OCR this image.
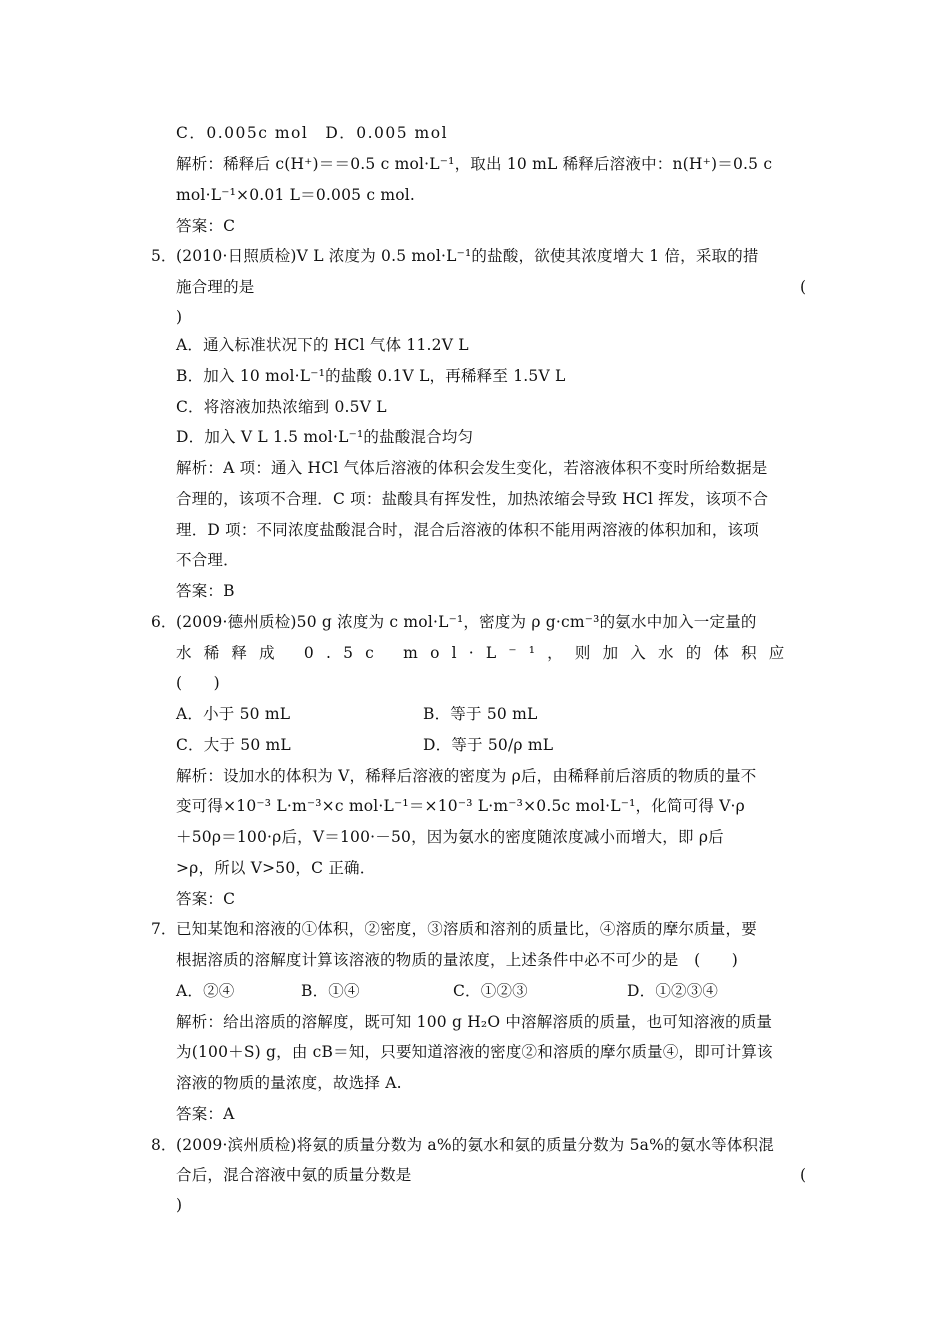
C．0.005c mol　D．0.005 mol
解析：稀释后 c(H⁺)＝＝0.5 c mol·L⁻¹，取出 10 mL 稀释后溶液中：n(H⁺)＝0.5 c
mol·L⁻¹×0.01 L＝0.005 c mol.
答案：C
5． (2010·日照质检)V L 浓度为 0.5 mol·L⁻¹的盐酸，欲使其浓度增大 1 倍，采取的措
施合理的是	(
)
A．通入标准状况下的 HCl 气体 11.2V L
B．加入 10 mol·L⁻¹的盐酸 0.1V L，再稀释至 1.5V L
C．将溶液加热浓缩到 0.5V L
D．加入 V L 1.5 mol·L⁻¹的盐酸混合均匀
解析：A 项：通入 HCl 气体后溶液的体积会发生变化，若溶液体积不变时所给数据是
合理的，该项不合理．C 项：盐酸具有挥发性，加热浓缩会导致 HCl 挥发，该项不合
理．D 项：不同浓度盐酸混合时，混合后溶液的体积不能用两溶液的体积加和，该项
不合理．
答案：B
6． (2009·德州质检)50 g 浓度为 c mol·L⁻¹，密度为 ρ g·cm⁻³的氨水中加入一定量的
水稀释成 0.5c mol·L⁻¹，则加入水的体积应
(　　)
A．小于 50 mL	B．等于 50 mL
C．大于 50 mL	D．等于 50/ρ mL
解析：设加水的体积为 V，稀释后溶液的密度为 ρ后，由稀释前后溶质的物质的量不
变可得×10⁻³ L·m⁻³×c mol·L⁻¹＝×10⁻³ L·m⁻³×0.5c mol·L⁻¹，化简可得 V·ρ
＋50ρ＝100·ρ后，V＝100·－50，因为氨水的密度随浓度减小而增大，即 ρ后
>ρ，所以 V>50，C 正确．
答案：C
7． 已知某饱和溶液的①体积，②密度，③溶质和溶剂的质量比，④溶质的摩尔质量，要
根据溶质的溶解度计算该溶液的物质的量浓度，上述条件中必不可少的是　(　　)
A．②④	B．①④	C．①②③	D．①②③④
解析：给出溶质的溶解度，既可知 100 g H₂O 中溶解溶质的质量，也可知溶液的质量
为(100＋S) g，由 cB＝知，只要知道溶液的密度②和溶质的摩尔质量④，即可计算该
溶液的物质的量浓度，故选择 A.
答案：A
8． (2009·滨州质检)将氨的质量分数为 a%的氨水和氨的质量分数为 5a%的氨水等体积混
合后，混合溶液中氨的质量分数是	(
)
